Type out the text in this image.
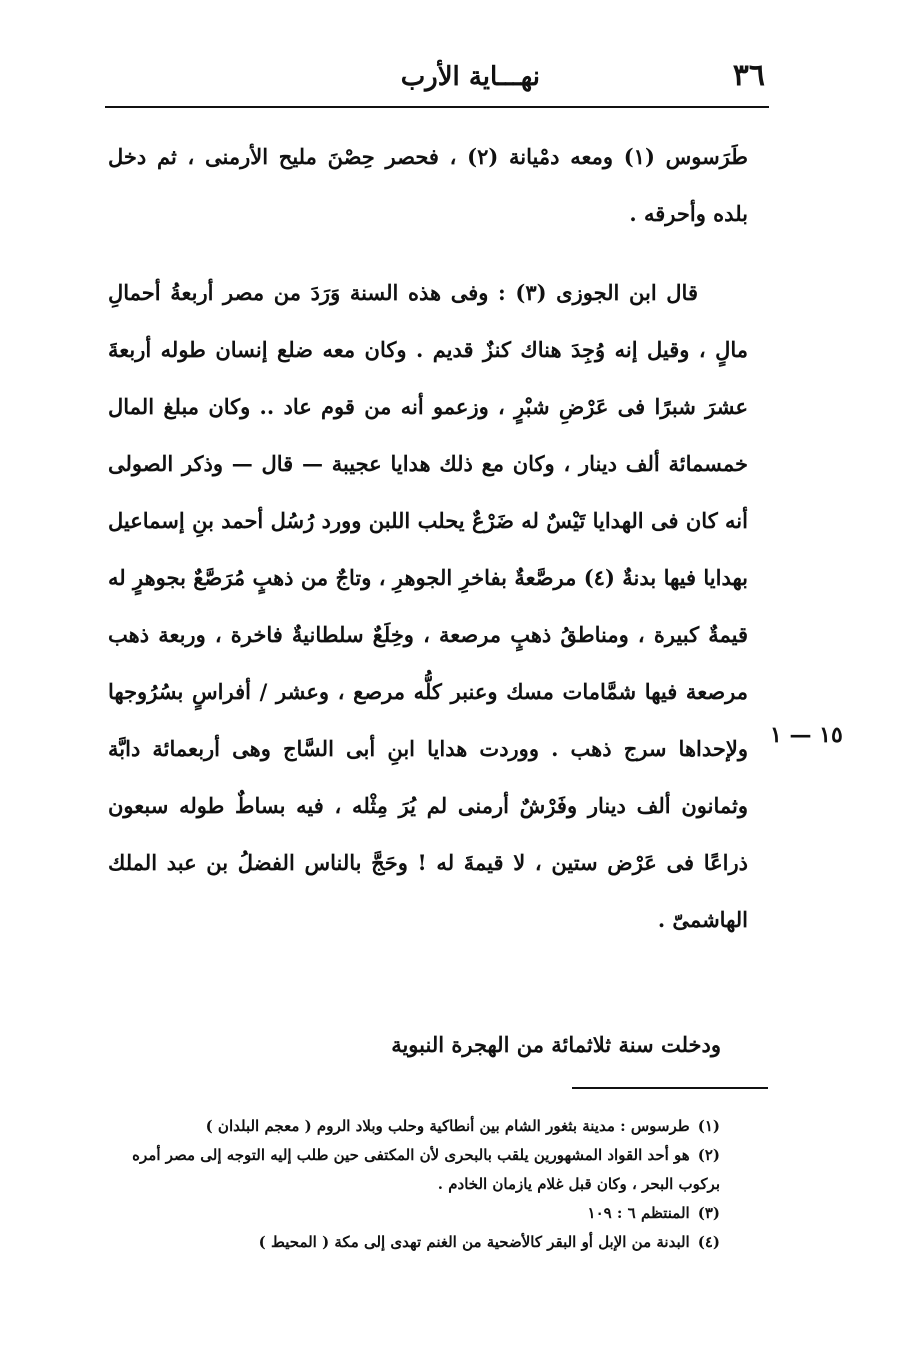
٣٦
نهـــاية الأرب

طَرَسوس (١) ومعه دمْيانة (٢) ، فحصر حِصْنَ مليح الأرمنى ، ثم دخل بلده وأحرقه .

قال ابن الجوزى (٣) : وفى هذه السنة وَرَدَ من مصر أربعةُ أحمالِ مالٍ ، وقيل إنه وُجِدَ هناك كنزٌ قديم . وكان معه ضلع إنسان طوله أربعةَ عشرَ شبرًا فى عَرْضِ شبْرٍ ، وزعمو أنه من قوم عاد .. وكان مبلغ المال خمسمائة ألف دينار ، وكان مع ذلك هدايا عجيبة — قال — وذكر الصولى أنه كان فى الهدايا تَيْسٌ له ضَرْعٌ يحلب اللبن وورد رُسُل أحمد بنِ إسماعيل بهدايا فيها بدنةٌ (٤) مرصَّعةٌ بفاخرِ الجوهرِ ، وتاجٌ من ذهبٍ مُرَصَّعٌ بجوهرٍ له قيمةٌ كبيرة ، ومناطقُ ذهبٍ مرصعة ، وخِلَعٌ سلطانيةٌ فاخرة ، وربعة ذهب مرصعة فيها شمَّامات مسك وعنبر كلُّه مرصع ، وعشر / أفراسٍ بسُرُوجها ولإحداها سرج ذهب . ووردت هدايا ابنِ أبى السَّاج وهى أربعمائة دابَّة وثمانون ألف دينار وفَرْشٌ أرمنى لم يُرَ مِثْله ، فيه بساطٌ طوله سبعون ذراعًا فى عَرْض ستين ، لا قيمةَ له ! وحَجَّ بالناس الفضلُ بن عبد الملك الهاشمىّ .

١٥ — ١
ودخلت سنة ثلاثمائة من الهجرة النبوية

(١)طرسوس : مدينة بثغور الشام بين أنطاكية وحلب وبلاد الروم ( معجم البلدان )

(٢)هو أحد القواد المشهورين يلقب بالبحرى لأن المكتفى حين طلب إليه التوجه إلى مصر أمره بركوب البحر ، وكان قبل غلام يازمان الخادم .

(٣)المنتظم ٦ : ١٠٩

(٤)البدنة من الإبل أو البقر كالأضحية من الغنم تهدى إلى مكة ( المحيط )
